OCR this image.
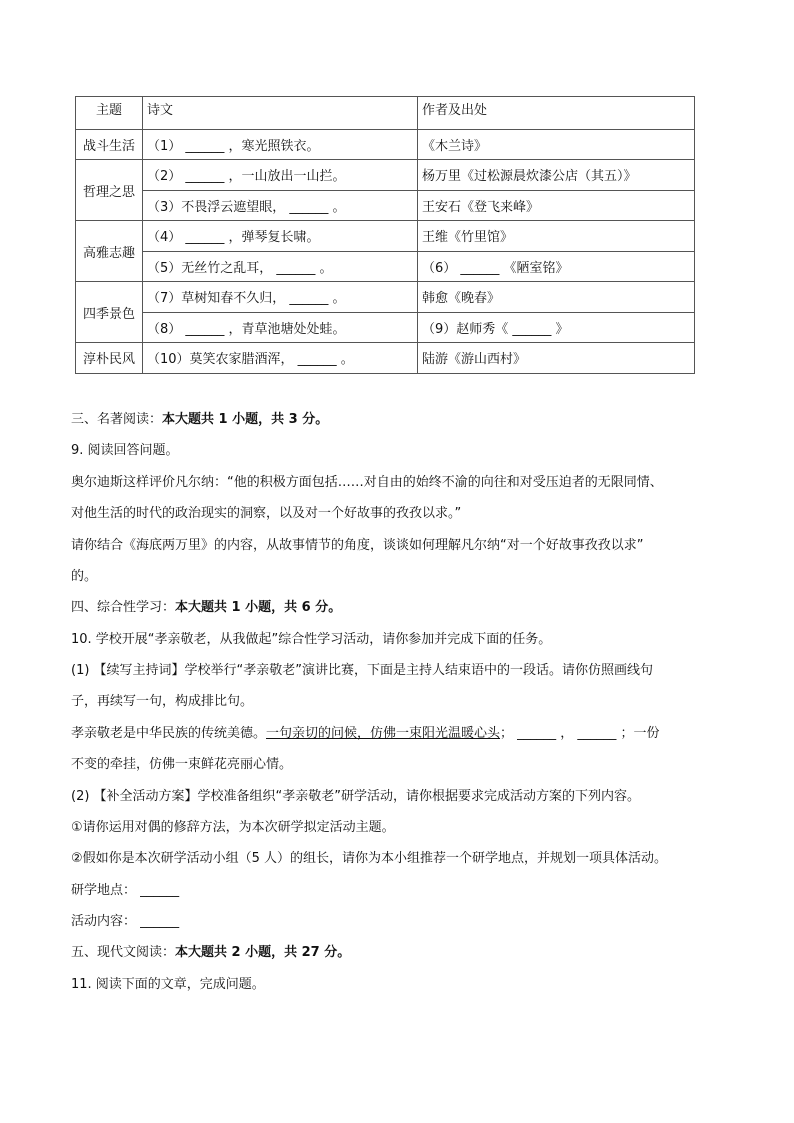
主题	诗文	作者及出处
战斗生活	（1） ______ ，寒光照铁衣。	《木兰诗》
哲理之思	（2） ______ ，一山放出一山拦。	杨万里《过松源晨炊漆公店（其五）》
	（3）不畏浮云遮望眼， ______ 。	王安石《登飞来峰》
高雅志趣	（4） ______ ，弹琴复长啸。	王维《竹里馆》
	（5）无丝竹之乱耳， ______ 。	（6） ______ 《陋室铭》
四季景色	（7）草树知春不久归， ______ 。	韩愈《晚春》
	（8） ______ ，青草池塘处处蛙。	（9）赵师秀《 ______ 》
淳朴民风	（10）莫笑农家腊酒浑， ______ 。	陆游《游山西村》
三、名著阅读：本大题共 1 小题，共 3 分。
9. 阅读回答问题。
奥尔迪斯这样评价凡尔纳：“他的积极方面包括……对自由的始终不渝的向往和对受压迫者的无限同情、
对他生活的时代的政治现实的洞察，以及对一个好故事的孜孜以求。”
请你结合《海底两万里》的内容，从故事情节的角度，谈谈如何理解凡尔纳“对一个好故事孜孜以求”
的。
四、综合性学习：本大题共 1 小题，共 6 分。
10. 学校开展“孝亲敬老，从我做起”综合性学习活动，请你参加并完成下面的任务。
(1) 【续写主持词】学校举行“孝亲敬老”演讲比赛，下面是主持人结束语中的一段话。请你仿照画线句
子，再续写一句，构成排比句。
孝亲敬老是中华民族的传统美德。一句亲切的问候，仿佛一束阳光温暖心头； ______ ， ______ ；一份
不变的牵挂，仿佛一束鲜花亮丽心情。
(2) 【补全活动方案】学校准备组织“孝亲敬老”研学活动，请你根据要求完成活动方案的下列内容。
①请你运用对偶的修辞方法，为本次研学拟定活动主题。
②假如你是本次研学活动小组（5 人）的组长，请你为本小组推荐一个研学地点，并规划一项具体活动。
研学地点： ______
活动内容： ______
五、现代文阅读：本大题共 2 小题，共 27 分。
11. 阅读下面的文章，完成问题。
